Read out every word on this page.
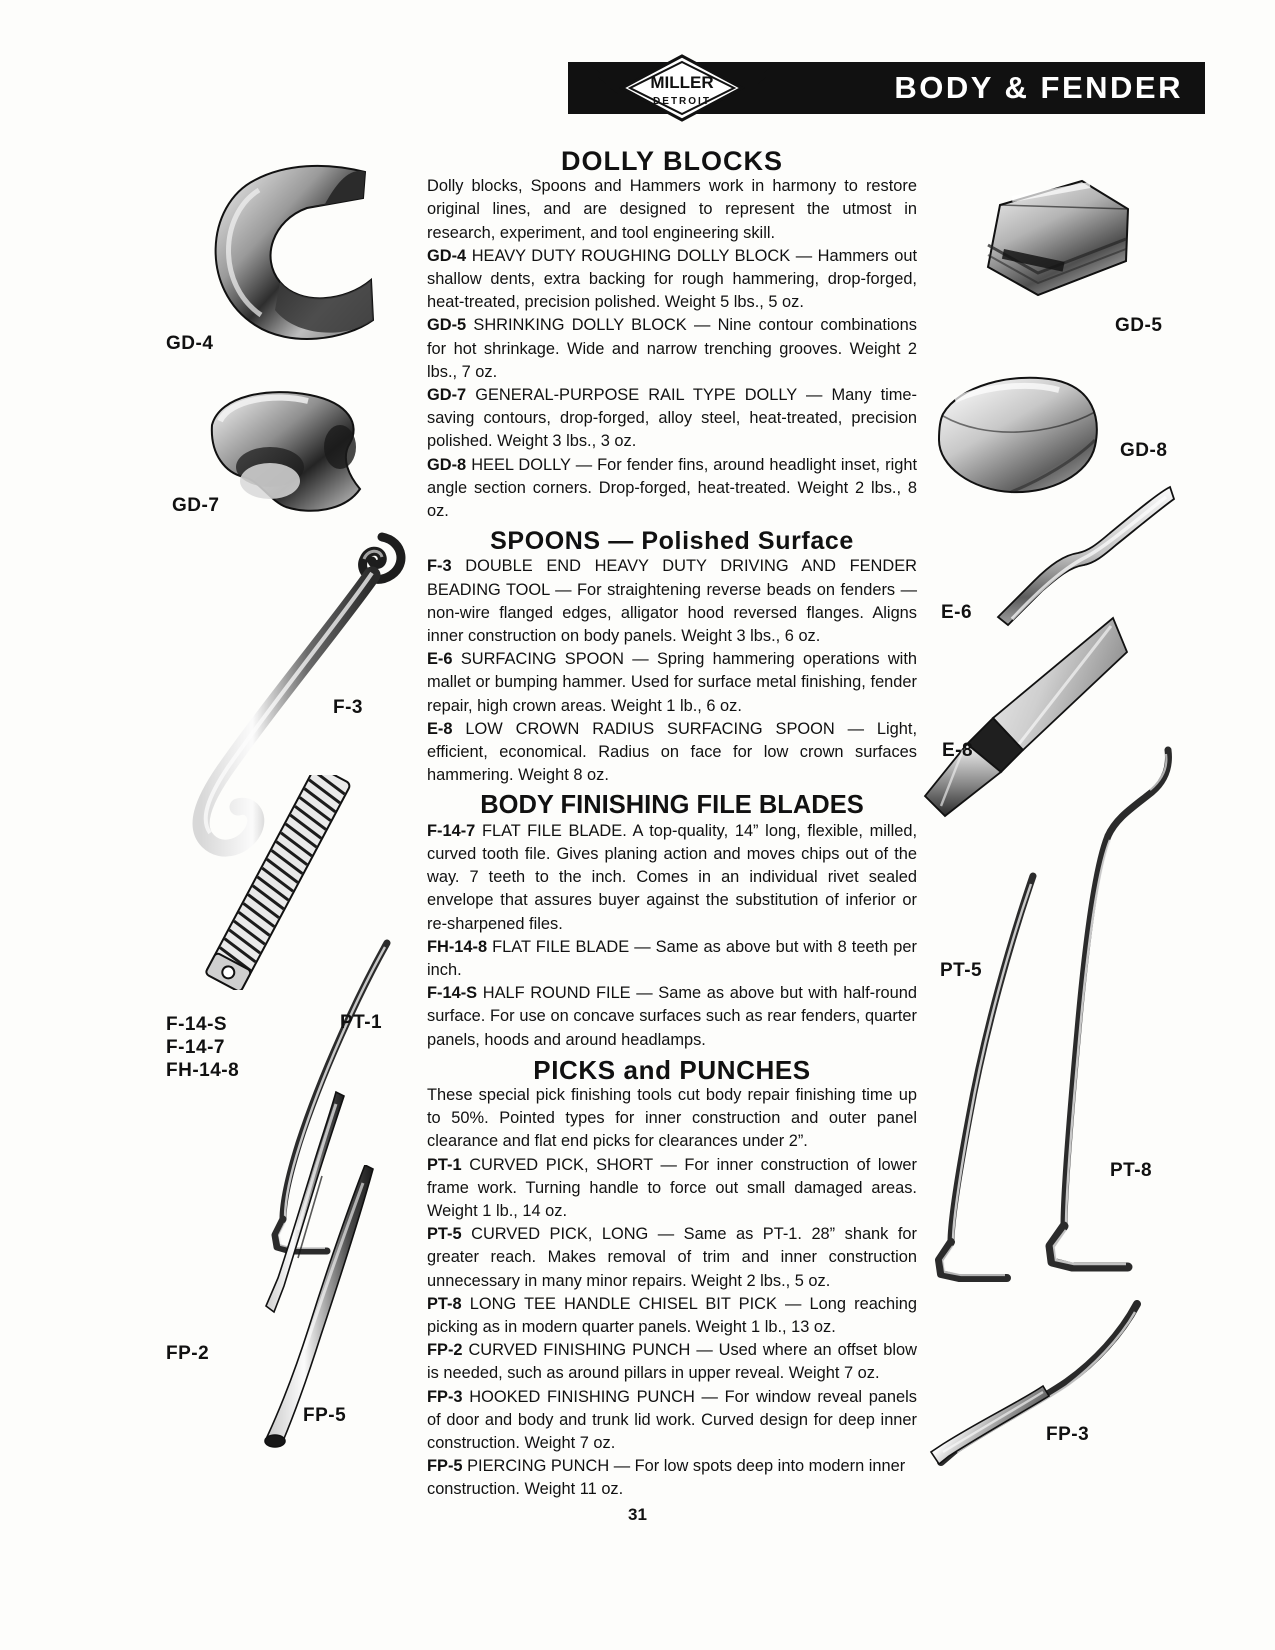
BODY & FENDER
MILLER
DETROIT
DOLLY BLOCKS

Dolly blocks, Spoons and Hammers work in harmony to restore original lines, and are designed to represent the utmost in research, experiment, and tool engineering skill.

GD-4 HEAVY DUTY ROUGHING DOLLY BLOCK — Hammers out shallow dents, extra backing for rough hammering, drop-forged, heat-treated, precision polished. Weight 5 lbs., 5 oz.

GD-5 SHRINKING DOLLY BLOCK — Nine contour combinations for hot shrinkage. Wide and narrow trenching grooves. Weight 2 lbs., 7 oz.

GD-7 GENERAL-PURPOSE RAIL TYPE DOLLY — Many time-saving contours, drop-forged, alloy steel, heat-treated, precision polished. Weight 3 lbs., 3 oz.

GD-8 HEEL DOLLY — For fender fins, around headlight inset, right angle section corners. Drop-forged, heat-treated. Weight 2 lbs., 8 oz.

SPOONS — Polished Surface

F-3 DOUBLE END HEAVY DUTY DRIVING AND FENDER BEADING TOOL — For straightening reverse beads on fenders — non-wire flanged edges, alligator hood reversed flanges. Aligns inner construction on body panels. Weight 3 lbs., 6 oz.

E-6 SURFACING SPOON — Spring hammering operations with mallet or bumping hammer. Used for surface metal finishing, fender repair, high crown areas. Weight 1 lb., 6 oz.

E-8 LOW CROWN RADIUS SURFACING SPOON — Light, efficient, economical. Radius on face for low crown surfaces hammering. Weight 8 oz.

BODY FINISHING FILE BLADES

F-14-7 FLAT FILE BLADE. A top-quality, 14” long, flexible, milled, curved tooth file. Gives planing action and moves chips out of the way. 7 teeth to the inch. Comes in an individual rivet sealed envelope that assures buyer against the substitution of inferior or re-sharpened files.

FH-14-8 FLAT FILE BLADE — Same as above but with 8 teeth per inch.

F-14-S HALF ROUND FILE — Same as above but with half-round surface. For use on concave surfaces such as rear fenders, quarter panels, hoods and around headlamps.

PICKS and PUNCHES

These special pick finishing tools cut body repair finishing time up to 50%. Pointed types for inner construction and outer panel clearance and flat end picks for clearances under 2”.

PT-1 CURVED PICK, SHORT — For inner construction of lower frame work. Turning handle to force out small damaged areas. Weight 1 lb., 14 oz.

PT-5 CURVED PICK, LONG — Same as PT-1. 28” shank for greater reach. Makes removal of trim and inner construction unnecessary in many minor repairs. Weight 2 lbs., 5 oz.

PT-8 LONG TEE HANDLE CHISEL BIT PICK — Long reaching picking as in modern quarter panels. Weight 1 lb., 13 oz.

FP-2 CURVED FINISHING PUNCH — Used where an offset blow is needed, such as around pillars in upper reveal. Weight 7 oz.

FP-3 HOOKED FINISHING PUNCH — For window reveal panels of door and body and trunk lid work. Curved design for deep inner construction. Weight 7 oz.

FP-5 PIERCING PUNCH — For low spots deep into modern inner construction. Weight 11 oz.

GD-4
GD-7
F-3
F-14-S
F-14-7
FH-14-8
PT-1
FP-2
FP-5
GD-5
GD-8
E-6
E-8
PT-5
PT-8
FP-3
31
